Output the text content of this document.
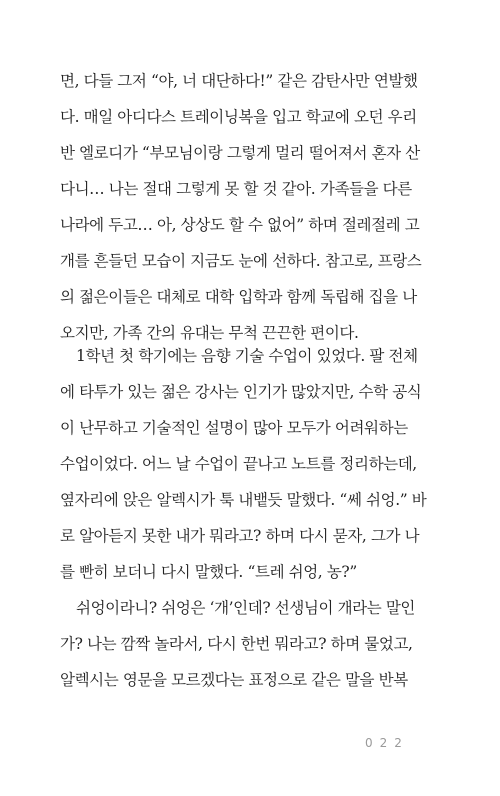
면, 다들 그저 “야, 너 대단하다!” 같은 감탄사만 연발했
다. 매일 아디다스 트레이닝복을 입고 학교에 오던 우리
반 엘로디가 “부모님이랑 그렇게 멀리 떨어져서 혼자 산
다니… 나는 절대 그렇게 못 할 것 같아. 가족들을 다른
나라에 두고… 아, 상상도 할 수 없어” 하며 절레절레 고
개를 흔들던 모습이 지금도 눈에 선하다. 참고로, 프랑스
의 젊은이들은 대체로 대학 입학과 함께 독립해 집을 나
오지만, 가족 간의 유대는 무척 끈끈한 편이다.
1학년 첫 학기에는 음향 기술 수업이 있었다. 팔 전체
에 타투가 있는 젊은 강사는 인기가 많았지만, 수학 공식
이 난무하고 기술적인 설명이 많아 모두가 어려워하는
수업이었다. 어느 날 수업이 끝나고 노트를 정리하는데,
옆자리에 앉은 알렉시가 툭 내뱉듯 말했다. “쎄 쉬엉.” 바
로 알아듣지 못한 내가 뭐라고? 하며 다시 묻자, 그가 나
를 빤히 보더니 다시 말했다. “트레 쉬엉, 농?”
쉬엉이라니? 쉬엉은 ‘개’인데? 선생님이 개라는 말인
가? 나는 깜짝 놀라서, 다시 한번 뭐라고? 하며 물었고,
알렉시는 영문을 모르겠다는 표정으로 같은 말을 반복
022
